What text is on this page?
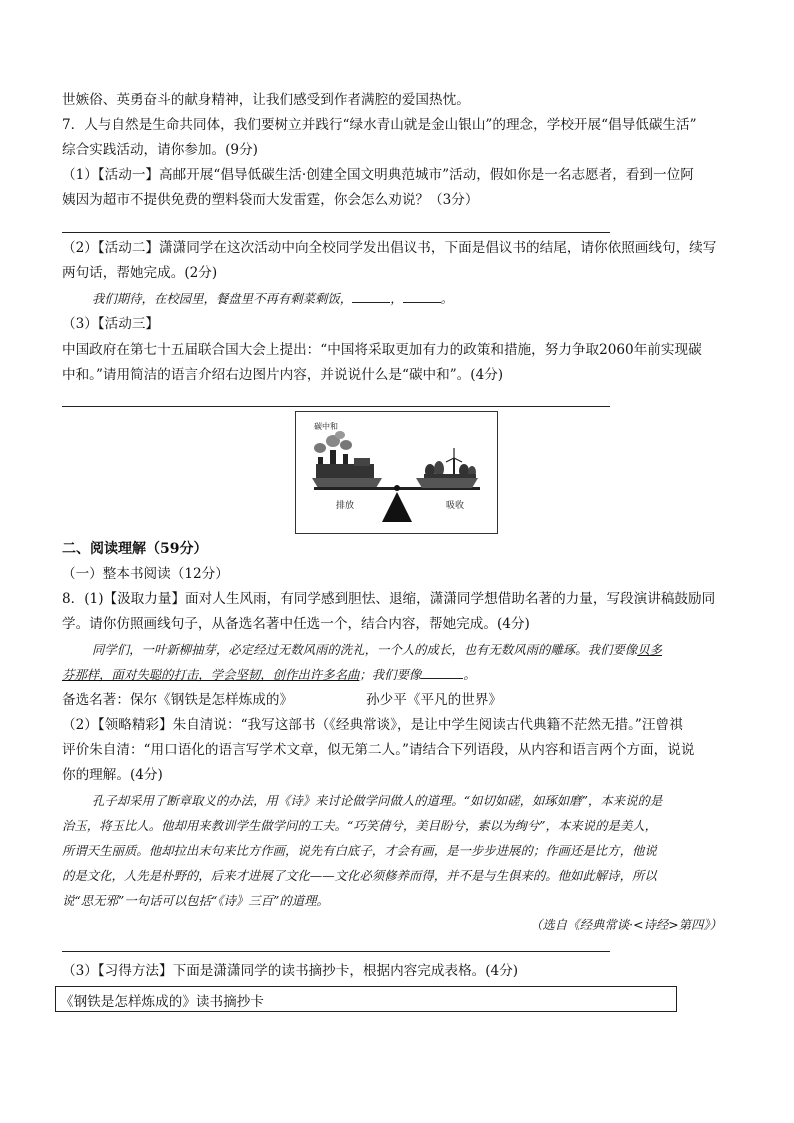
世嫉俗、英勇奋斗的献身精神，让我们感受到作者满腔的爱国热忱。
7．人与自然是生命共同体，我们要树立并践行“绿水青山就是金山银山”的理念，学校开展“倡导低碳生活”
综合实践活动，请你参加。(9分)
（1）【活动一】高邮开展“倡导低碳生活·创建全国文明典范城市”活动，假如你是一名志愿者，看到一位阿
姨因为超市不提供免费的塑料袋而大发雷霆，你会怎么劝说？（3分）
（2）【活动二】潇潇同学在这次活动中向全校同学发出倡议书，下面是倡议书的结尾，请你依照画线句，续写
两句话，帮她完成。(2分)
我们期待，在校园里，餐盘里不再有剩菜剩饭，	，	。
（3）【活动三】
中国政府在第七十五届联合国大会上提出：“中国将采取更加有力的政策和措施，努力争取2060年前实现碳
中和。”请用简洁的语言介绍右边图片内容，并说说什么是“碳中和”。(4分)
碳中和
排放	吸收
二、阅读理解（59分）
（一）整本书阅读（12分）
8．(1)【汲取力量】面对人生风雨，有同学感到胆怯、退缩，潇潇同学想借助名著的力量，写段演讲稿鼓励同
学。请你仿照画线句子，从备选名著中任选一个，结合内容，帮她完成。(4分)
同学们，一叶新柳抽芽，必定经过无数风雨的洗礼，一个人的成长，也有无数风雨的雕琢。我们要像贝多
芬那样，面对失聪的打击，学会坚韧，创作出许多名曲；我们要像	。
备选名著：保尔《钢铁是怎样炼成的》	孙少平《平凡的世界》
（2）【领略精彩】朱自清说：“我写这部书（《经典常谈》，是让中学生阅读古代典籍不茫然无措。”汪曾祺
评价朱自清：“用口语化的语言写学术文章，似无第二人。”请结合下列语段，从内容和语言两个方面，说说
你的理解。(4分)
孔子却采用了断章取义的办法，用《诗》来讨论做学问做人的道理。“如切如磋，如琢如磨”，本来说的是
治玉，将玉比人。他却用来教训学生做学问的工夫。“巧笑倩兮，美目盼兮，素以为绚兮”，本来说的是美人，
所谓天生丽质。他却拉出末句来比方作画，说先有白底子，才会有画，是一步步进展的；作画还是比方，他说
的是文化，人先是朴野的，后来才进展了文化——文化必须修养而得，并不是与生俱来的。他如此解诗，所以
说“思无邪”一句话可以包括“《诗》三百”的道理。
（选自《经典常谈·<诗经>第四》）
（3）【习得方法】下面是潇潇同学的读书摘抄卡，根据内容完成表格。(4分)
《钢铁是怎样炼成的》读书摘抄卡
